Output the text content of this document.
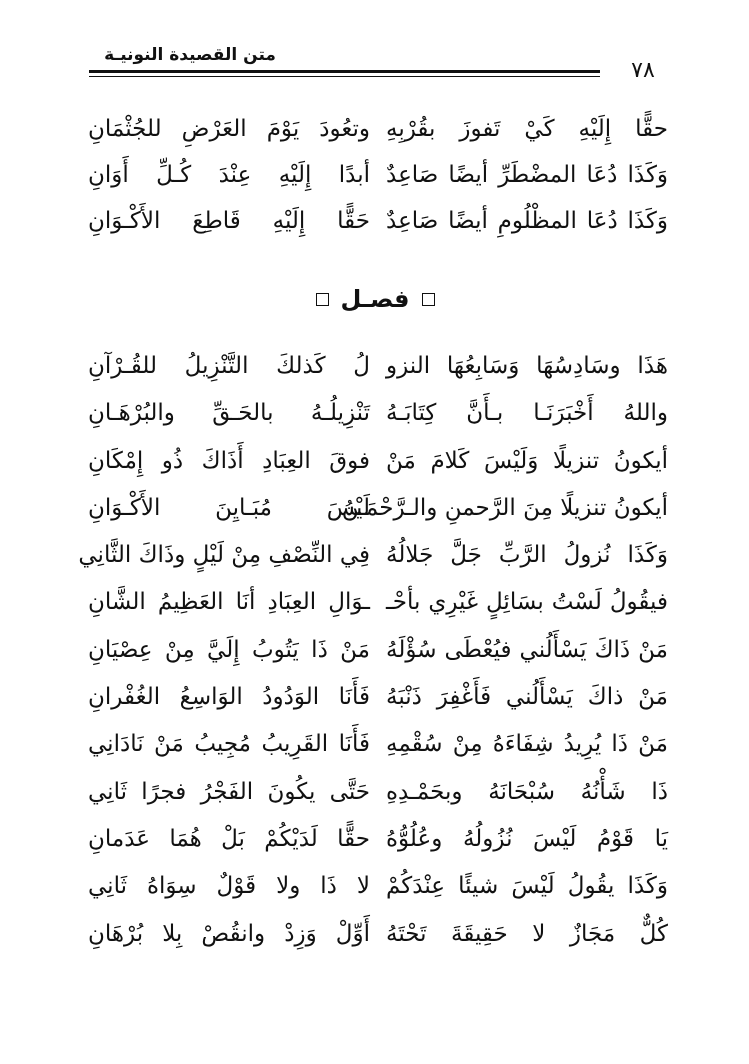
متن القصيدة النونيـة
٧٨
حقًّا إِلَيْهِ كَيْ تَفوزَ بقُرْبِهِ
وتعُودَ يَوْمَ العَرْضِ للجُثْمَانِ
وَكَذَا دُعَا المضْطَرِّ أيضًا صَاعِدٌ
أبدًا إِلَيْهِ عِنْدَ كُـلِّ أَوَانِ
وَكَذَا دُعَا المظْلُومِ أيضًا صَاعِدٌ
حَقًّا إِلَيْهِ قَاطِعَ الأَكْـوَانِ
فصـل
هَذَا وسَادِسُهَا وَسَابِعُهَا النزو
لُ كَذلكَ التَّنْزِيلُ للقُـرْآنِ
واللهُ أَخْبَرَنَـا بـأَنَّ كِتَابَـهُ
تَنْزِيلُـهُ بالحَـقِّ والبُرْهَـانِ
أيكونُ تنزيلًا وَلَيْسَ كَلامَ مَنْ
فوقَ العِبَادِ أَذَاكَ ذُو إِمْكَانِ
أيكونُ تنزيلًا مِنَ الرَّحمنِ والـرَّحْمَـنُ
لَيْسَ مُبَـايِنَ الأَكْـوَانِ
وَكَذَا نُزولُ الرَّبِّ جَلَّ جَلالُهُ
فِي النِّصْفِ مِنْ لَيْلٍ وذَاكَ الثَّانِي
فيقُولُ لَسْتُ بسَائِلٍ غَيْرِي بأحْـ
ـوَالِ العِبَادِ أنَا العَظِيمُ الشَّانِ
مَنْ ذَاكَ يَسْأَلُني فيُعْطَى سُؤْلَهُ
مَنْ ذَا يَتُوبُ إِلَيَّ مِنْ عِصْيَانِ
مَنْ ذاكَ يَسْأَلُني فَأَغْفِرَ ذَنْبَهُ
فَأَنَا الوَدُودُ الوَاسِعُ الغُفْرانِ
مَنْ ذَا يُرِيدُ شِفَاءَهُ مِنْ سُقْمِهِ
فَأَنَا القَرِيبُ مُجِيبُ مَنْ نَادَانِي
ذَا شَأْنُهُ سُبْحَانَهُ وبحَمْـدِهِ
حَتَّى يكُونَ الفَجْرُ فجرًا ثَانِي
يَا قَوْمُ لَيْسَ نُزُولُهُ وعُلُوُّهُ
حقًّا لَدَيْكُمْ بَلْ هُمَا عَدَمانِ
وَكَذَا يقُولُ لَيْسَ شيئًا عِنْدَكُمْ
لا ذَا ولا قَوْلٌ سِوَاهُ ثَانِي
كُلٌّ مَجَازٌ لا حَقِيقَةَ تَحْتَهُ
أَوِّلْ وَزِدْ وانقُصْ بِلا بُرْهَانِ
